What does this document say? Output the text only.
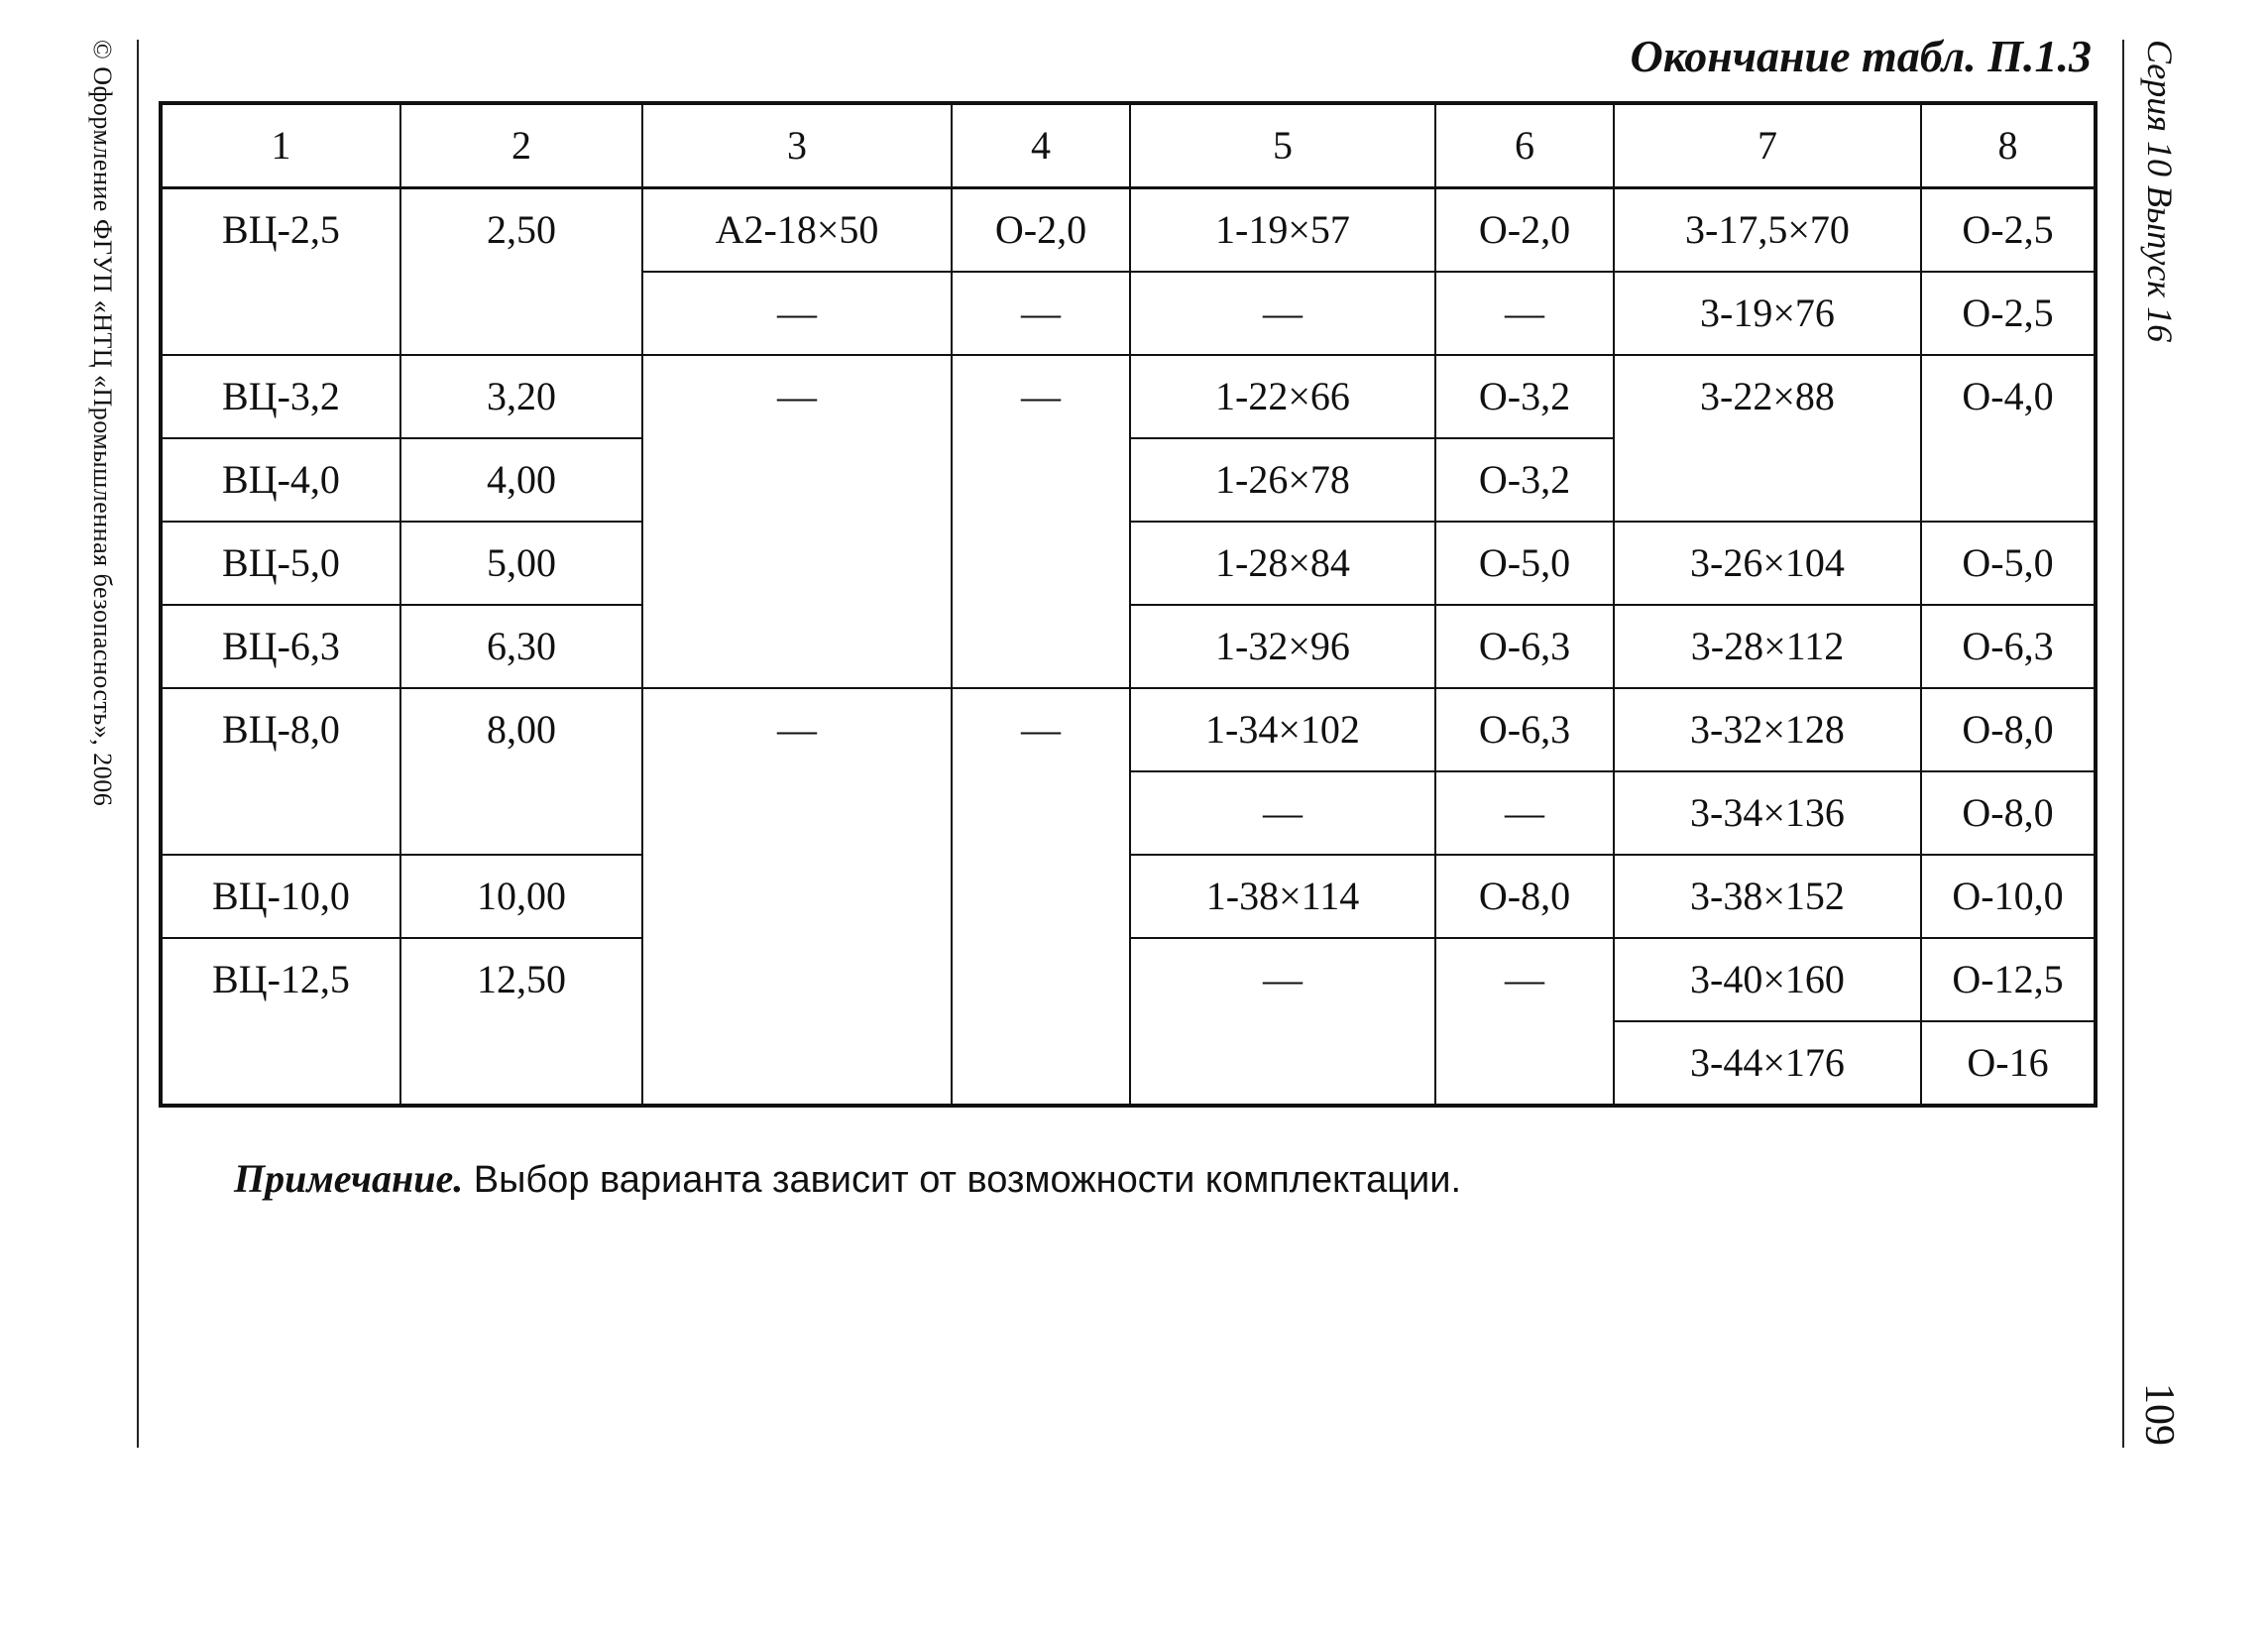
© Оформление ФГУП «НТЦ «Промышленная безопасность», 2006	Серия 10 Выпуск 16
109
Окончание табл. П.1.3
1	2	3	4	5	6	7	8
ВЦ-2,5	2,50	А2-18×50	О-2,0	1-19×57	О-2,0	3-17,5×70	О-2,5
		—	—	—	—	3-19×76	О-2,5
ВЦ-3,2	3,20	—	—	1-22×66	О-3,2	3-22×88	О-4,0
ВЦ-4,0	4,00			1-26×78	О-3,2		
ВЦ-5,0	5,00			1-28×84	О-5,0	3-26×104	О-5,0
ВЦ-6,3	6,30			1-32×96	О-6,3	3-28×112	О-6,3
ВЦ-8,0	8,00	—	—	1-34×102	О-6,3	3-32×128	О-8,0
				—	—	3-34×136	О-8,0
ВЦ-10,0	10,00			1-38×114	О-8,0	3-38×152	О-10,0
ВЦ-12,5	12,50			—	—	3-40×160	О-12,5
						3-44×176	О-16
Примечание. Выбор варианта зависит от возможности комплектации.
